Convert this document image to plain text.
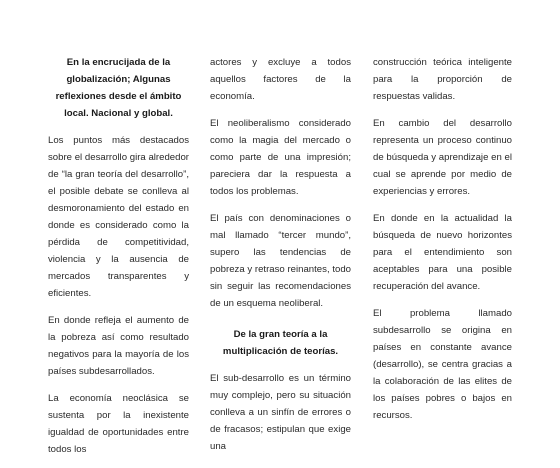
En la encrucijada de la globalización; Algunas reflexiones desde el ámbito local. Nacional y global.

Los puntos más destacados sobre el desarrollo gira alrededor de “la gran teoría del desarrollo”, el posible debate se conlleva al desmoronamiento del estado en donde es considerado como la pérdida de competitividad, violencia y la ausencia de mercados transparentes y eficientes.

En donde refleja el aumento de la pobreza así como resultado negativos para la mayoría de los países subdesarrollados.

La economía neoclásica se sustenta por la inexistente igualdad de oportunidades entre todos los

actores y excluye a todos aquellos factores de la economía.

El neoliberalismo considerado como la magia del mercado o como parte de una impresión; pareciera dar la respuesta a todos los problemas.

El país con denominaciones o mal llamado “tercer mundo”, supero las tendencias de pobreza y retraso reinantes, todo sin seguir las recomendaciones de un esquema neoliberal.

De la gran teoría a la multiplicación de teorías.

El sub-desarrollo es un término muy complejo, pero su situación conlleva a un sinfín de errores o de fracasos; estipulan que exige una

construcción teórica inteligente para la proporción de respuestas validas.

En cambio del desarrollo representa un proceso continuo de búsqueda y aprendizaje en el cual se aprende por medio de experiencias y errores.

En donde en la actualidad la búsqueda de nuevo horizontes para el entendimiento son aceptables para una posible recuperación del avance.

El problema llamado subdesarrollo se origina en países en constante avance (desarrollo), se centra gracias a la colaboración de las elites de los países pobres o bajos en recursos.
